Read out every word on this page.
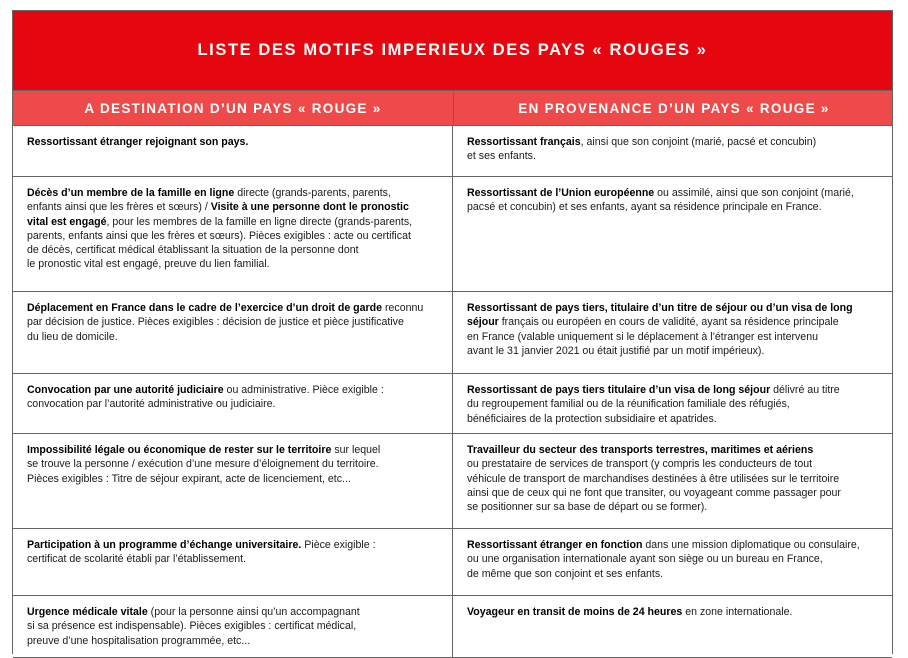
LISTE DES MOTIFS IMPERIEUX DES PAYS « ROUGES »
A DESTINATION D’UN PAYS « ROUGE »	EN PROVENANCE D’UN PAYS « ROUGE »
Ressortissant étranger rejoignant son pays.	Ressortissant français, ainsi que son conjoint (marié, pacsé et concubin)
et ses enfants.
Décès d’un membre de la famille en ligne directe (grands-parents, parents,
enfants ainsi que les frères et sœurs) / Visite à une personne dont le pronostic
vital est engagé, pour les membres de la famille en ligne directe (grands-parents,
parents, enfants ainsi que les frères et sœurs). Pièces exigibles : acte ou certificat
de décès, certificat médical établissant la situation de la personne dont
le pronostic vital est engagé, preuve du lien familial.
Ressortissant de l’Union européenne ou assimilé, ainsi que son conjoint (marié,
pacsé et concubin) et ses enfants, ayant sa résidence principale en France.
Déplacement en France dans le cadre de l’exercice d’un droit de garde reconnu
par décision de justice. Pièces exigibles : décision de justice et pièce justificative
du lieu de domicile.
Ressortissant de pays tiers, titulaire d’un titre de séjour ou d’un visa de long
séjour français ou européen en cours de validité, ayant sa résidence principale
en France (valable uniquement si le déplacement à l’étranger est intervenu
avant le 31 janvier 2021 ou était justifié par un motif impérieux).
Convocation par une autorité judiciaire ou administrative. Pièce exigible :
convocation par l’autorité administrative ou judiciaire.
Ressortissant de pays tiers titulaire d’un visa de long séjour délivré au titre
du regroupement familial ou de la réunification familiale des réfugiés,
bénéficiaires de la protection subsidiaire et apatrides.
Impossibilité légale ou économique de rester sur le territoire sur lequel
se trouve la personne / exécution d’une mesure d’éloignement du territoire.
Pièces exigibles : Titre de séjour expirant, acte de licenciement, etc...
Travailleur du secteur des transports terrestres, maritimes et aériens
ou prestataire de services de transport (y compris les conducteurs de tout
véhicule de transport de marchandises destinées à être utilisées sur le territoire
ainsi que de ceux qui ne font que transiter, ou voyageant comme passager pour
se positionner sur sa base de départ ou se former).
Participation à un programme d’échange universitaire. Pièce exigible :
certificat de scolarité établi par l’établissement.
Ressortissant étranger en fonction dans une mission diplomatique ou consulaire,
ou une organisation internationale ayant son siège ou un bureau en France,
de même que son conjoint et ses enfants.
Urgence médicale vitale (pour la personne ainsi qu’un accompagnant
si sa présence est indispensable). Pièces exigibles : certificat médical,
preuve d’une hospitalisation programmée, etc...
Voyageur en transit de moins de 24 heures en zone internationale.
